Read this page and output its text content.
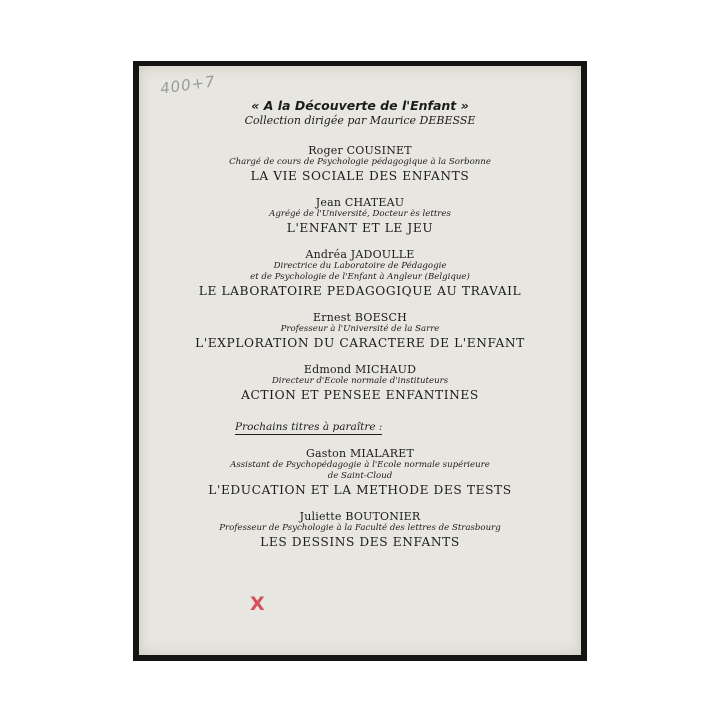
400+7
« A la Découverte de l'Enfant »
Collection dirigée par Maurice DEBESSE
Roger COUSINET
Chargé de cours de Psychologie pédagogique à la Sorbonne
LA VIE SOCIALE DES ENFANTS
Jean CHATEAU
Agrégé de l'Université, Docteur ès lettres
L'ENFANT ET LE JEU
Andréa JADOULLE
Directrice du Laboratoire de Pédagogie
et de Psychologie de l'Enfant à Angleur (Belgique)
LE LABORATOIRE PEDAGOGIQUE AU TRAVAIL
Ernest BOESCH
Professeur à l'Université de la Sarre
L'EXPLORATION DU CARACTERE DE L'ENFANT
Edmond MICHAUD
Directeur d'Ecole normale d'instituteurs
ACTION ET PENSEE ENFANTINES
Prochains titres à paraître :
Gaston MIALARET
Assistant de Psychopédagogie à l'Ecole normale supérieure
de Saint-Cloud
L'EDUCATION ET LA METHODE DES TESTS
Juliette BOUTONIER
Professeur de Psychologie à la Faculté des lettres de Strasbourg
LES DESSINS DES ENFANTS
X
